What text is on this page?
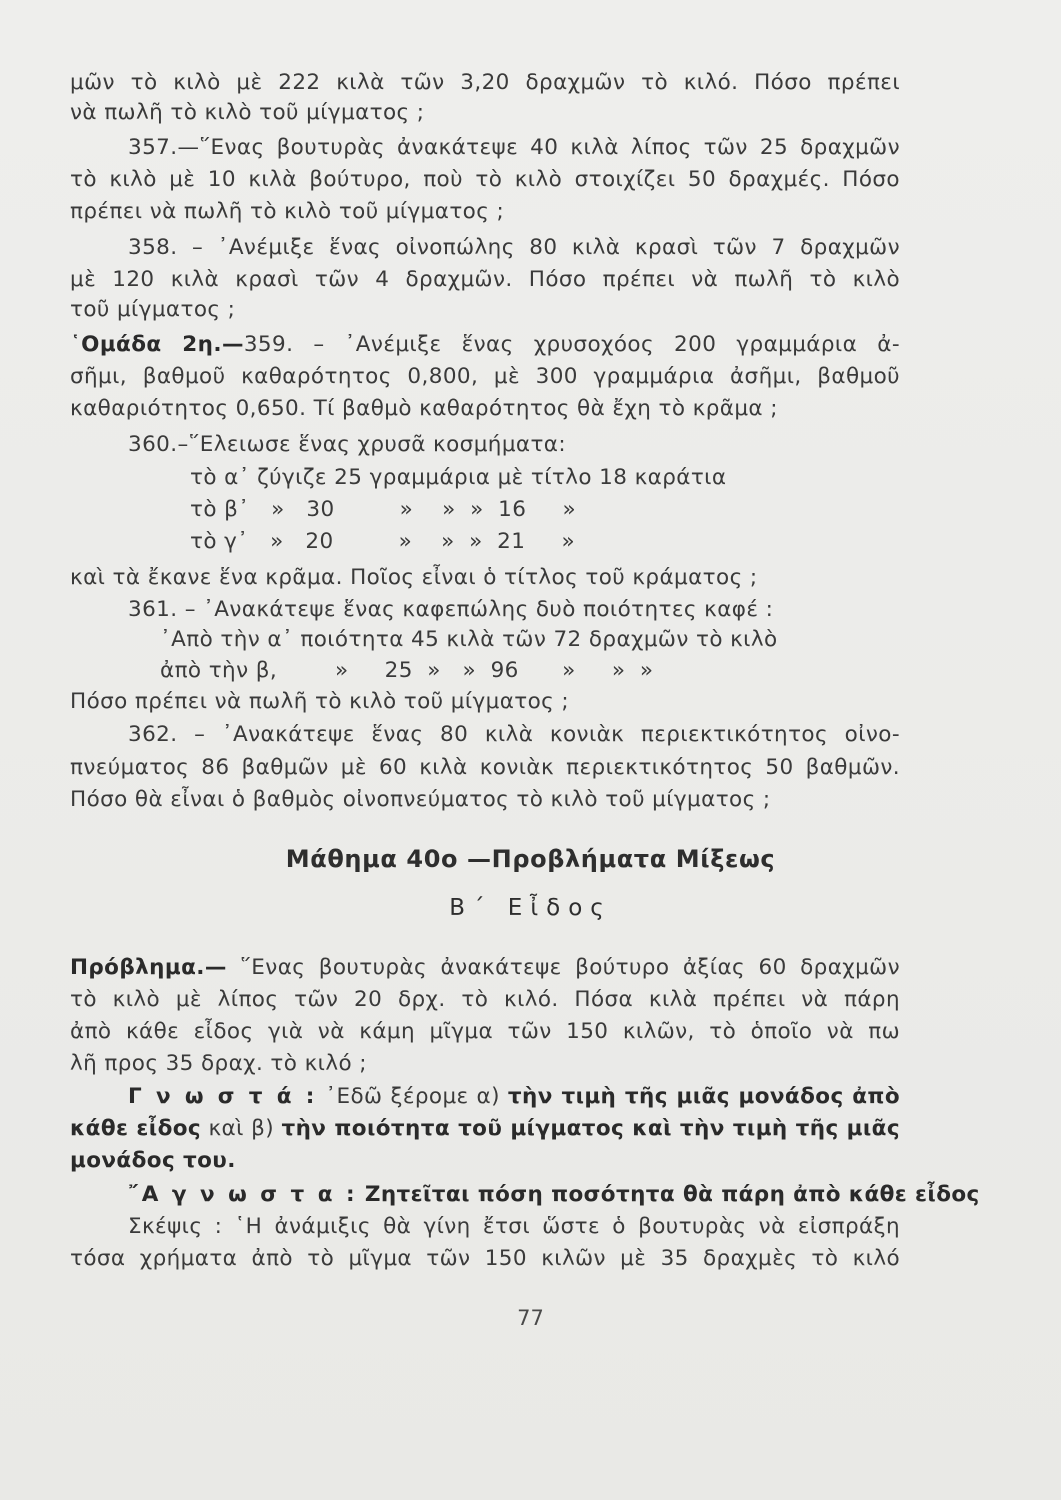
μῶν τὸ κιλὸ μὲ 222 κιλὰ τῶν 3,20 δραχμῶν τὸ κιλό. Πόσο πρέπει
νὰ πωλῆ τὸ κιλὸ τοῦ μίγματος ;
357.—῞Ενας βουτυρὰς ἀνακάτεψε 40 κιλὰ λίπος τῶν 25 δραχμῶν
τὸ κιλὸ μὲ 10 κιλὰ βούτυρο, ποὺ τὸ κιλὸ στοιχίζει 50 δραχμές. Πόσο
πρέπει νὰ πωλῆ τὸ κιλὸ τοῦ μίγματος ;
358. – ᾿Ανέμιξε ἕνας οἰνοπώλης 80 κιλὰ κρασὶ τῶν 7 δραχμῶν
μὲ 120 κιλὰ κρασὶ τῶν 4 δραχμῶν. Πόσο πρέπει νὰ πωλῆ τὸ κιλὸ
τοῦ μίγματος ;
῾Ομάδα 2η.—359. – ᾿Ανέμιξε ἕνας χρυσοχόος 200 γραμμάρια ἀ-
σῆμι, βαθμοῦ καθαρότητος 0,800, μὲ 300 γραμμάρια ἀσῆμι, βαθμοῦ
καθαριότητος 0,650. Τί βαθμὸ καθαρότητος θὰ ἔχη τὸ κρᾶμα ;
360.–῞Ελειωσε ἕνας χρυσᾶ κοσμήματα:
τὸ α᾿ ζύγιζε 25 γραμμάρια μὲ τίτλο 18 καράτια
τὸ β᾿   »   30         »    »  »  16     »
τὸ γ᾿   »   20         »    »  »  21     »
καὶ τὰ ἔκανε ἕνα κρᾶμα. Ποῖος εἶναι ὁ τίτλος τοῦ κράματος ;
361. – ᾿Ανακάτεψε ἕνας καφεπώλης δυὸ ποιότητες καφέ :
᾿Απὸ τὴν α᾿ ποιότητα 45 κιλὰ τῶν 72 δραχμῶν τὸ κιλὸ
ἀπὸ τὴν β,        »     25  »   »  96      »     »  »
Πόσο πρέπει νὰ πωλῆ τὸ κιλὸ τοῦ μίγματος ;
362. – ᾿Ανακάτεψε ἕνας 80 κιλὰ κονιὰκ περιεκτικότητος οἰνο-
πνεύματος 86 βαθμῶν μὲ 60 κιλὰ κονιὰκ περιεκτικότητος 50 βαθμῶν.
Πόσο θὰ εἶναι ὁ βαθμὸς οἰνοπνεύματος τὸ κιλὸ τοῦ μίγματος ;
Μάθημα 40ο —Προβλήματα Μίξεως
Β΄ Εἶδος
Πρόβλημα.— ῞Ενας βουτυρὰς ἀνακάτεψε βούτυρο ἀξίας 60 δραχμῶν
τὸ κιλὸ μὲ λίπος τῶν 20 δρχ. τὸ κιλό. Πόσα κιλὰ πρέπει νὰ πάρη
ἀπὸ κάθε εἶδος γιὰ νὰ κάμη μῖγμα τῶν 150 κιλῶν, τὸ ὁποῖο νὰ πω
λῆ προς 35 δραχ. τὸ κιλό ;
Γ ν ω σ τ ά : ᾿Εδῶ ξέρομε α) τὴν τιμὴ τῆς μιᾶς μονάδος ἀπὸ
κάθε εἶδος καὶ β) τὴν ποιότητα τοῦ μίγματος καὶ τὴν τιμὴ τῆς μιᾶς
μονάδος του.
῎Α γ ν ω σ τ α : Ζητεῖται πόση ποσότητα θὰ πάρη ἀπὸ κάθε εἶδος
Σκέψις : ῾Η ἀνάμιξις θὰ γίνη ἔτσι ὥστε ὁ βουτυρὰς νὰ εἰσπράξη
τόσα χρήματα ἀπὸ τὸ μῖγμα τῶν 150 κιλῶν μὲ 35 δραχμὲς τὸ κιλό
77
